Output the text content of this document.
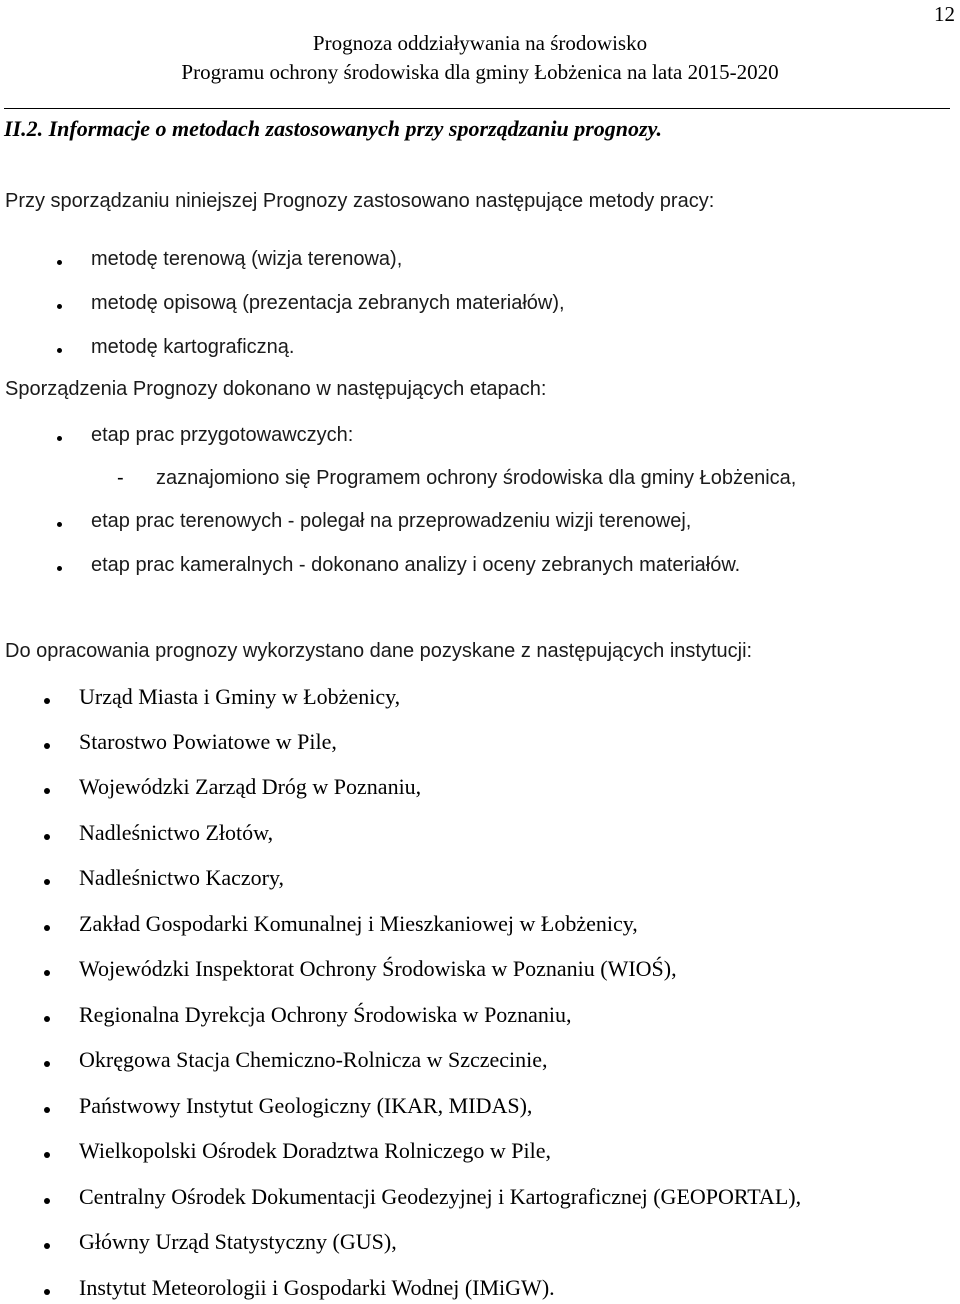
12
Prognoza oddziaływania na środowisko
Programu ochrony środowiska dla gminy Łobżenica na lata 2015-2020
II.2. Informacje o metodach zastosowanych przy sporządzaniu prognozy.
Przy sporządzaniu niniejszej Prognozy zastosowano następujące metody pracy:
metodę terenową (wizja terenowa),
metodę opisową (prezentacja zebranych materiałów),
metodę kartograficzną.
Sporządzenia Prognozy dokonano w następujących etapach:
etap prac przygotowawczych:
- zaznajomiono się Programem ochrony środowiska dla gminy Łobżenica,
etap prac terenowych - polegał na przeprowadzeniu wizji terenowej,
etap prac kameralnych - dokonano analizy i oceny zebranych materiałów.
Do opracowania prognozy wykorzystano dane pozyskane z następujących instytucji:
Urząd Miasta i Gminy w Łobżenicy,
Starostwo Powiatowe w Pile,
Wojewódzki Zarząd Dróg w Poznaniu,
Nadleśnictwo Złotów,
Nadleśnictwo Kaczory,
Zakład Gospodarki Komunalnej i Mieszkaniowej w Łobżenicy,
Wojewódzki Inspektorat Ochrony Środowiska w Poznaniu (WIOŚ),
Regionalna Dyrekcja Ochrony Środowiska w Poznaniu,
Okręgowa Stacja Chemiczno-Rolnicza w Szczecinie,
Państwowy Instytut Geologiczny (IKAR, MIDAS),
Wielkopolski Ośrodek Doradztwa Rolniczego w Pile,
Centralny Ośrodek Dokumentacji Geodezyjnej i Kartograficznej (GEOPORTAL),
Główny Urząd Statystyczny (GUS),
Instytut Meteorologii i Gospodarki Wodnej (IMiGW).
